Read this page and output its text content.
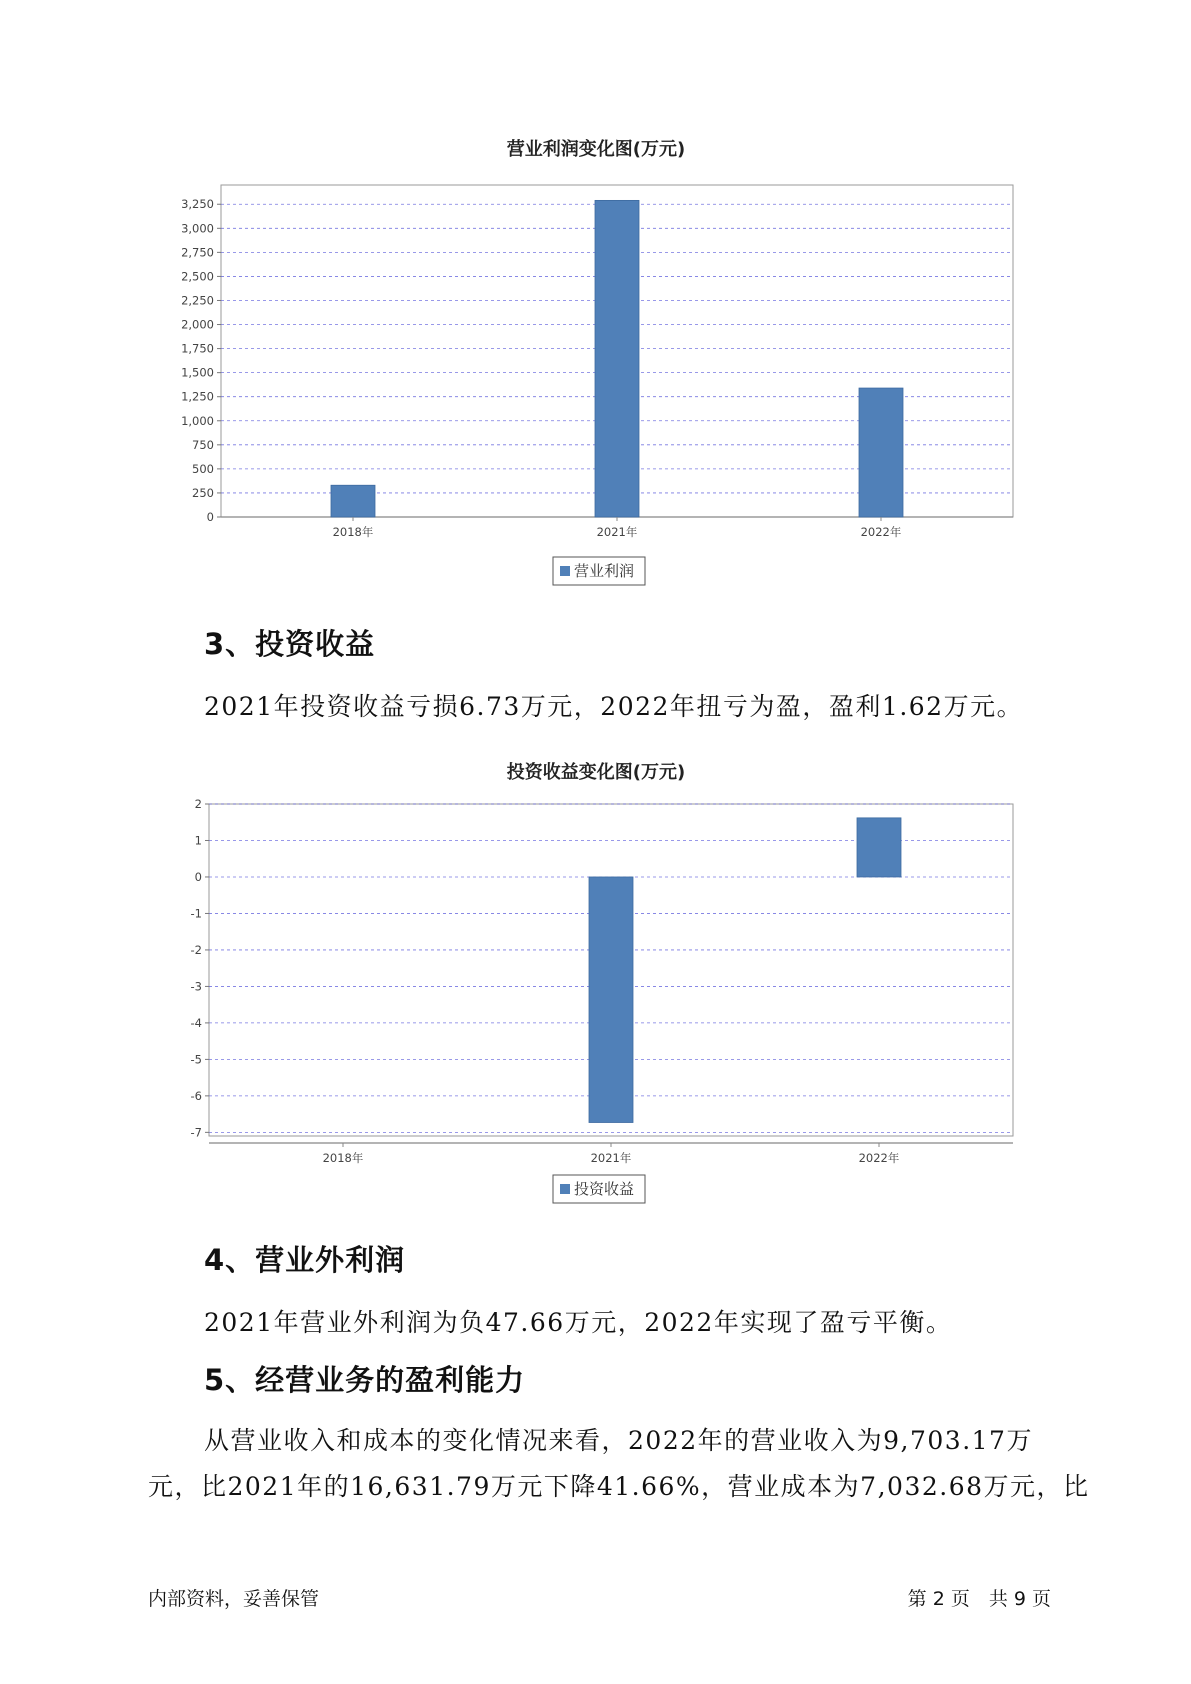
营业利润变化图(万元)
0
250
500
750
1,000
1,250
1,500
1,750
2,000
2,250
2,500
2,750
3,000
3,250
2018年	2021年	2022年
营业利润
3、投资收益

2021年投资收益亏损6.73万元，2022年扭亏为盈，盈利1.62万元。

投资收益变化图(万元)
2
1
0
-1
-2
-3
-4
-5
-6
-7
2018年	2021年	2022年
投资收益
4、营业外利润

2021年营业外利润为负47.66万元，2022年实现了盈亏平衡。

5、经营业务的盈利能力

从营业收入和成本的变化情况来看，2022年的营业收入为9,703.17万

元，比2021年的16,631.79万元下降41.66%，营业成本为7,032.68万元，比

内部资料，妥善保管	第 2 页　共 9 页
